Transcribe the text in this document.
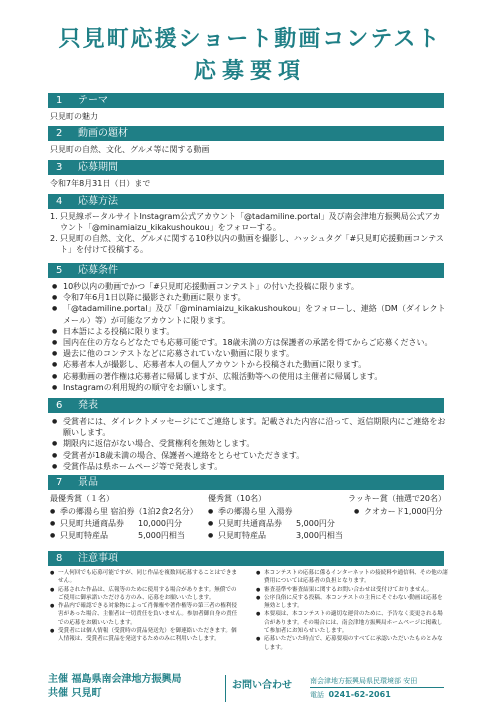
只見町応援ショート動画コンテスト
応募要項
1 テーマ
只見町の魅力
2 動画の題材
只見町の自然、文化、グルメ等に関する動画
3 応募期間
令和7年8月31日（日）まで
4 応募方法
1. 只見線ポータルサイトInstagram公式アカウント「@tadamiline.portal」及び南会津地方振興局公式アカウント「@minamiaizu_kikakushoukou」をフォローする。
2. 只見町の自然、文化、グルメに関する10秒以内の動画を撮影し、ハッシュタグ「#只見町応援動画コンテスト」を付けて投稿する。
5 応募条件
● 10秒以内の動画でかつ「#只見町応援動画コンテスト」の付いた投稿に限ります。
● 令和7年6月1日以降に撮影された動画に限ります。
● 「@tadamiline.portal」及び「@minamiaizu_kikakushoukou」をフォローし、連絡（DM（ダイレクトメール）等）が可能なアカウントに限ります。
● 日本語による投稿に限ります。
● 国内在住の方ならどなたでも応募可能です。18歳未満の方は保護者の承諾を得てからご応募ください。
● 過去に他のコンテストなどに応募されていない動画に限ります。
● 応募者本人が撮影し、応募者本人の個人アカウントから投稿された動画に限ります。
● 応募動画の著作権は応募者に帰属しますが、広報活動等への使用は主催者に帰属します。
● Instagramの利用規約の順守をお願いします。
6 発表
● 受賞者には、ダイレクトメッセージにてご連絡します。記載された内容に沿って、返信期限内にご連絡をお願いします。
● 期限内に返信がない場合、受賞権利を無効とします。
● 受賞者が18歳未満の場合、保護者へ連絡をとらせていただきます。
● 受賞作品は県ホームページ等で発表します。
7 景品
最優秀賞（１名）
● 季の郷湯ら里 宿泊券（1泊2食2名分）
● 只見町共通商品券 10,000円分
● 只見町特産品	5,000円相当
優秀賞（10名）
● 季の郷湯ら里 入湯券
● 只見町共通商品券 5,000円分
● 只見町特産品	3,000円相当
ラッキー賞（抽選で20名）
● クオカード1,000円分
8 注意事項
● 一人何回でも応募可能ですが、同じ作品を複数回応募することはできません。
● 応募された作品は、広報等のために使用する場合があります。無償でのご使用に御承諾いただける方のみ、応募をお願いいたします。
● 作品内で確認できる対象物によって肖像権や著作権等の第三者の権利侵害があった場合、主催者は一切責任を負いません。参加者御自身の責任での応募をお願いいたします。
● 受賞者には個人情報（受賞時の賞品発送先）を御連絡いただきます。個人情報は、受賞者に賞品を発送するためのみに利用いたします。
● 本コンテストの応募に係るインターネットの接続料や通信料、その他の諸費用については応募者の負担となります。
● 審査基準や審査結果に関するお問い合わせは受付けておりません。
● 公序良俗に反する投稿、本コンテストの主旨にそぐわない動画は応募を無効とします。
● 本要項は、本コンテストの適切な運営のために、予告なく変更される場合があります。その場合には、南会津地方振興局ホームページに掲載して参加者にお知らせいたします。
● 応募いただいた時点で、応募要項のすべてに承認いただいたものとみなします。
主催 福島県南会津地方振興局
共催 只見町
お問い合わせ	南会津地方振興局県民環境部 安田
電話 0241-62-2061
